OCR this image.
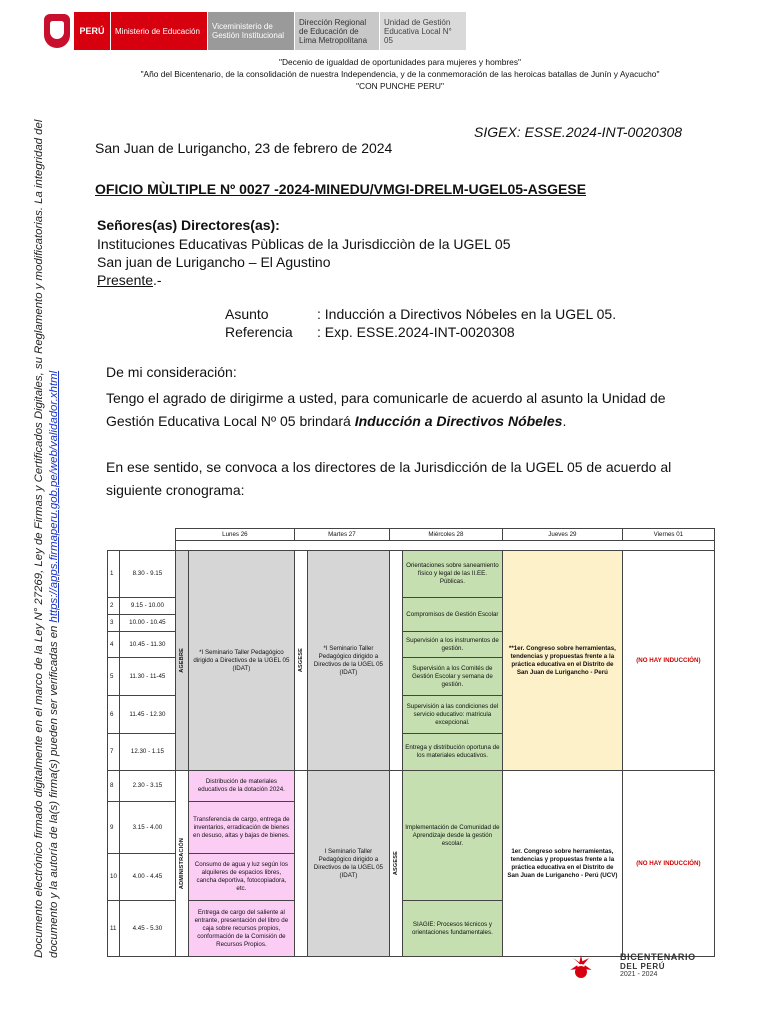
PERÚ	Ministerio de Educación	Viceministerio de Gestión Institucional
Dirección Regional de Educación de Lima Metropolitana
Unidad de Gestión Educativa Local N° 05
"Decenio de igualdad de oportunidades para mujeres y hombres"
"Año del Bicentenario, de la consolidación de nuestra Independencia, y de la conmemoración de las heroicas batallas de Junín y Ayacucho"
"CON PUNCHE PERU"
Documento electrónico firmado digitalmente en el marco de la Ley N° 27269, Ley de Firmas y Certificados Digitales, su Reglamento y modificatorias. La integridad del documento y la autoría de la(s) firma(s) pueden ser verificadas en https://apps.firmaperu.gob.pe/web/validador.xhtml
SIGEX: ESSE.2024-INT-0020308
San Juan de Lurigancho, 23 de febrero de 2024
OFICIO MÙLTIPLE Nº 0027 -2024-MINEDU/VMGI-DRELM-UGEL05-ASGESE
Señores(as) Directores(as):
Instituciones Educativas Pùblicas de la Jurisdicciòn de la UGEL 05
San juan de Lurigancho – El Agustino
Presente.-
Asunto	: Inducción a Directivos Nóbeles en la UGEL 05.
Referencia : Exp. ESSE.2024-INT-0020308
De mi consideración:
Tengo el agrado de dirigirme a usted, para comunicarle de acuerdo al asunto la Unidad de Gestión Educativa Local Nº 05 brindará Inducción a Directivos Nóbeles.
En ese sentido, se convoca a los directores de la Jurisdicción de la UGEL 05 de acuerdo al siguiente cronograma:
		Lunes 26		Martes 27		Miércoles 28		Jueves 29	Viernes 01

1	8.30 - 9.15	AGEBRE	*I Seminario Taller Pedagógico dirigido a Directivos de la UGEL 05 (IDAT)	ASGESE	*I Seminario Taller Pedagógico dirigido a Directivos de la UGEL 05 (IDAT)		Orientaciones sobre saneamiento físico y legal de las II.EE. Públicas.	**1er. Congreso sobre herramientas, tendencias y propuestas frente a la práctica educativa en el Distrito de San Juan de Lurigancho - Perú	(NO HAY INDUCCIÓN)
2	9.15 - 10.00						Compromisos de Gestión Escolar		
3	10.00 - 10.45								
4	10.45 - 11.30						Supervisión a los instrumentos de gestión.		
5	11.30 - 11-45						Supervisión a los Comités de Gestión Escolar y semana de gestión.		
6	11.45 - 12.30						Supervisión a las condiciones del servicio educativo: matricula excepcional.		
7	12.30 - 1.15						Entrega y distribución oportuna de los materiales educativos.		
8	2.30 - 3.15	ADMINISTRACIÓN	Distribución de materiales educativos de la dotación 2024.		I Seminario Taller Pedagógico dirigido a Directivos de la UGEL 05 (IDAT)	ASGESE	Implementación de Comunidad de Aprendizaje desde la gestión escolar.	1er. Congreso sobre herramientas, tendencias y propuestas frente a la práctica educativa en el Distrito de San Juan de Lurigancho - Perú (UCV)	(NO HAY INDUCCIÓN)
9	3.15 - 4.00		Transferencia de cargo, entrega de inventarios, erradicación de bienes en desuso, altas y bajas de bienes.						
10	4.00 - 4.45		Consumo de agua y luz según los alquileres de espacios libres, cancha deportiva, fotocopiadora, etc.						
11	4.45 - 5.30		Entrega de cargo del saliente al entrante, presentación del libro de caja sobre recursos propios, conformación de la Comisión de Recursos Propios.				SIAGIE: Procesos técnicos y orientaciones fundamentales.		
BICENTENARIO
DEL PERÚ
2021 - 2024
